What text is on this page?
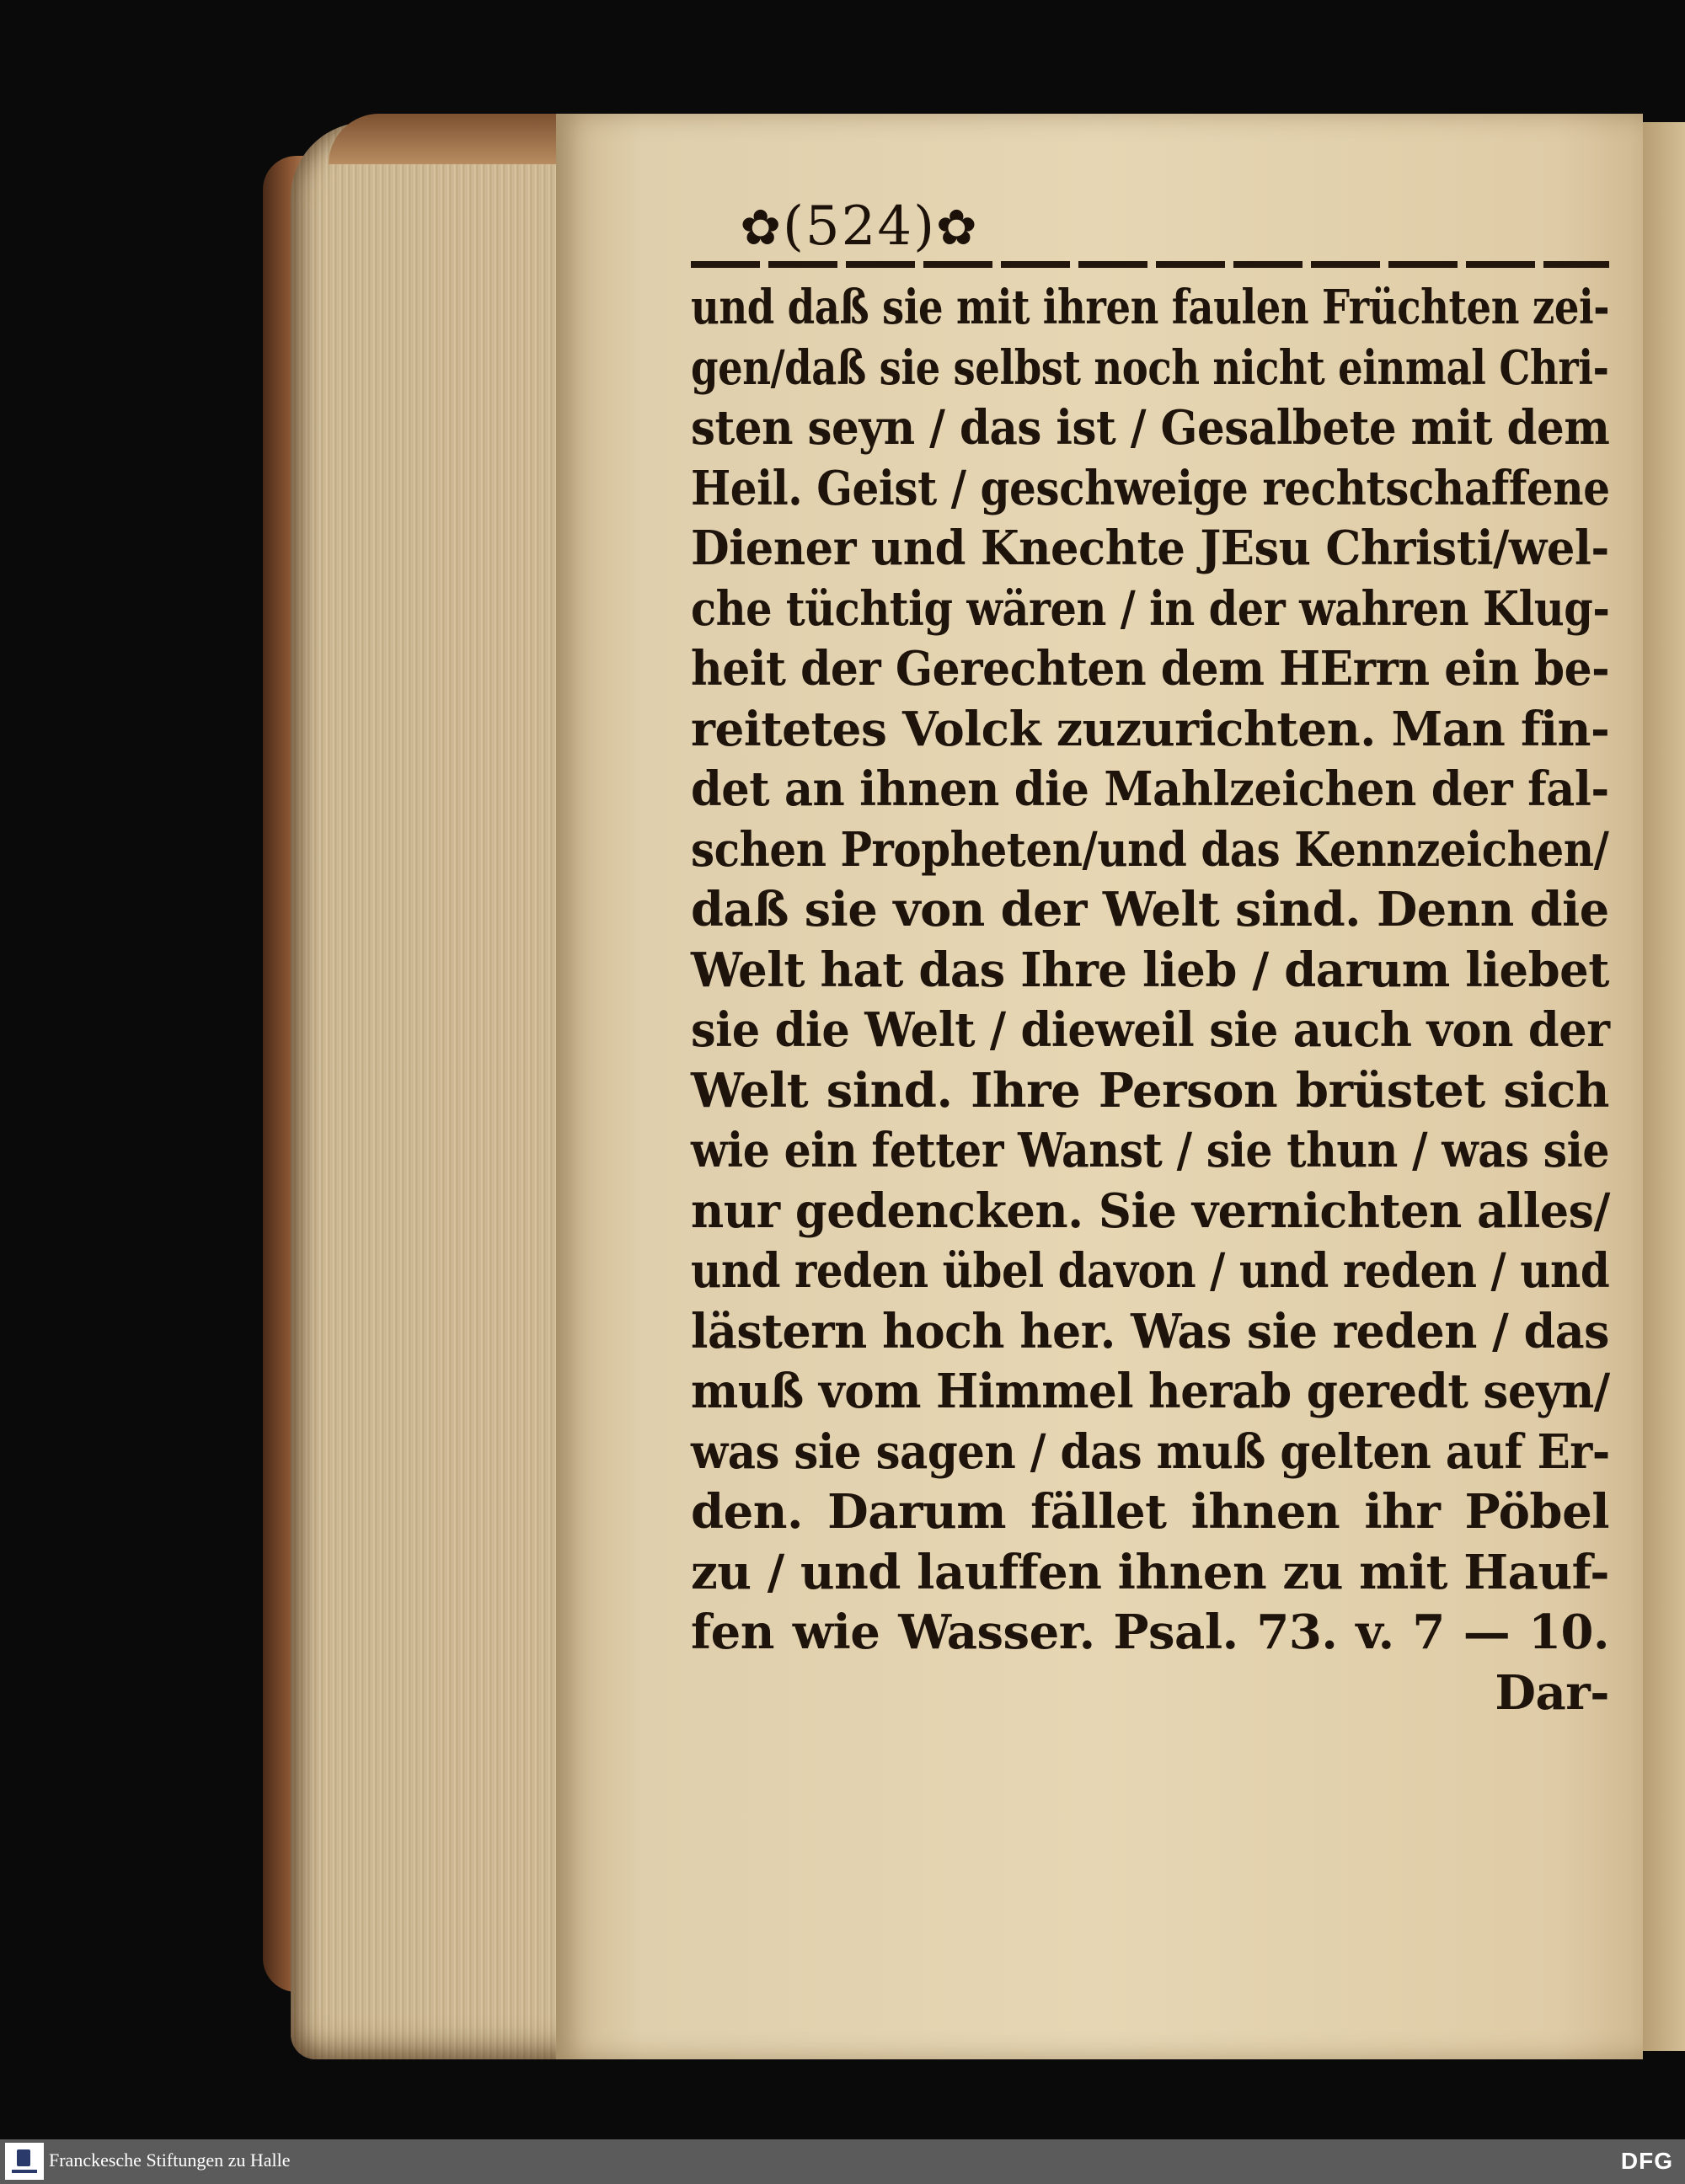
✿(524)✿
und daß sie mit ihren faulen Früchten zei-
gen/daß sie selbst noch nicht einmal Chri-
sten seyn / das ist / Gesalbete mit dem
Heil. Geist / geschweige rechtschaffene
Diener und Knechte JEsu Christi/wel-
che tüchtig wären / in der wahren Klug-
heit der Gerechten dem HErrn ein be-
reitetes Volck zuzurichten. Man fin-
det an ihnen die Mahlzeichen der fal-
schen Propheten/und das Kennzeichen/
daß sie von der Welt sind. Denn die
Welt hat das Ihre lieb / darum liebet
sie die Welt / dieweil sie auch von der
Welt sind. Ihre Person brüstet sich
wie ein fetter Wanst / sie thun / was sie
nur gedencken. Sie vernichten alles/
und reden übel davon / und reden / und
lästern hoch her. Was sie reden / das
muß vom Himmel herab geredt seyn/
was sie sagen / das muß gelten auf Er-
den. Darum fället ihnen ihr Pöbel
zu / und lauffen ihnen zu mit Hauf-
fen wie Wasser. Psal. 73. v. 7 — 10.
Dar-
Franckesche Stiftungen zu Halle	DFG
